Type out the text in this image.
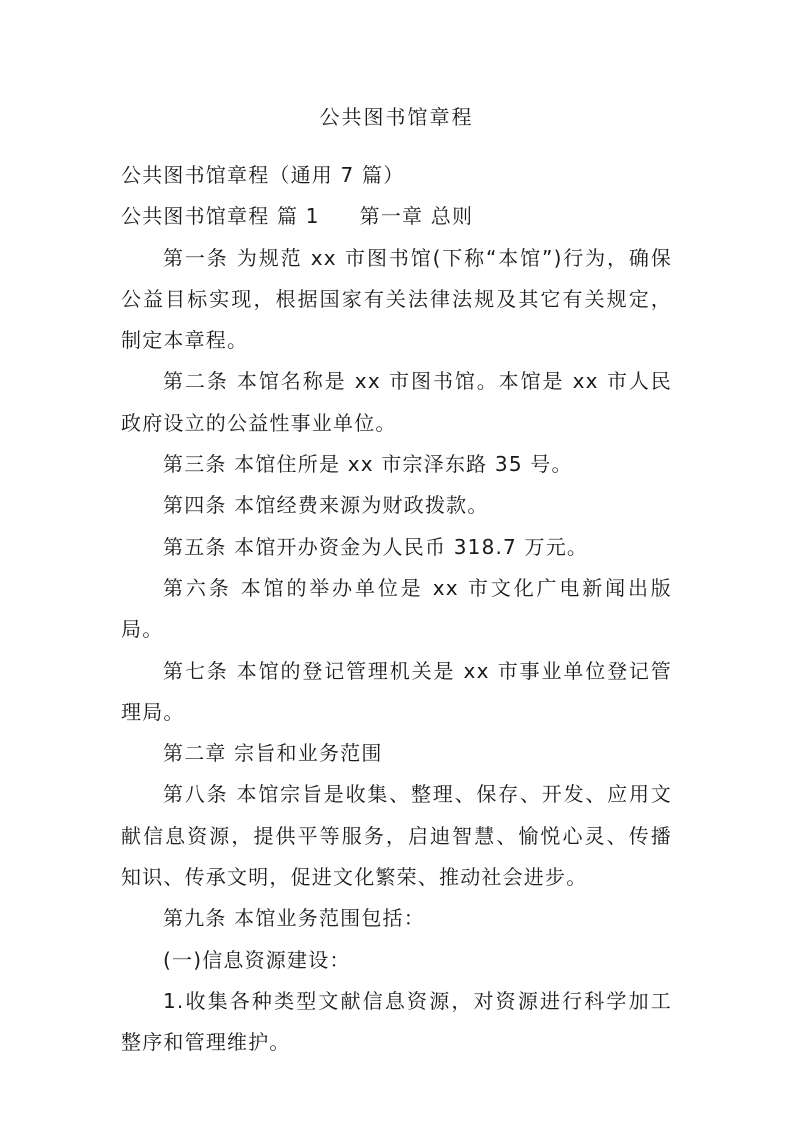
公共图书馆章程

公共图书馆章程（通用 7 篇）

公共图书馆章程 篇 1 第一章 总则

第一条 为规范 xx 市图书馆(下称“本馆”)行为，确保公益目标实现，根据国家有关法律法规及其它有关规定，制定本章程。

第二条 本馆名称是 xx 市图书馆。本馆是 xx 市人民政府设立的公益性事业单位。

第三条 本馆住所是 xx 市宗泽东路 35 号。

第四条 本馆经费来源为财政拨款。

第五条 本馆开办资金为人民币 318.7 万元。

第六条 本馆的举办单位是 xx 市文化广电新闻出版局。

第七条 本馆的登记管理机关是 xx 市事业单位登记管理局。

第二章 宗旨和业务范围

第八条 本馆宗旨是收集、整理、保存、开发、应用文献信息资源，提供平等服务，启迪智慧、愉悦心灵、传播知识、传承文明，促进文化繁荣、推动社会进步。

第九条 本馆业务范围包括：

(一)信息资源建设：

1.收集各种类型文献信息资源，对资源进行科学加工整序和管理维护。
